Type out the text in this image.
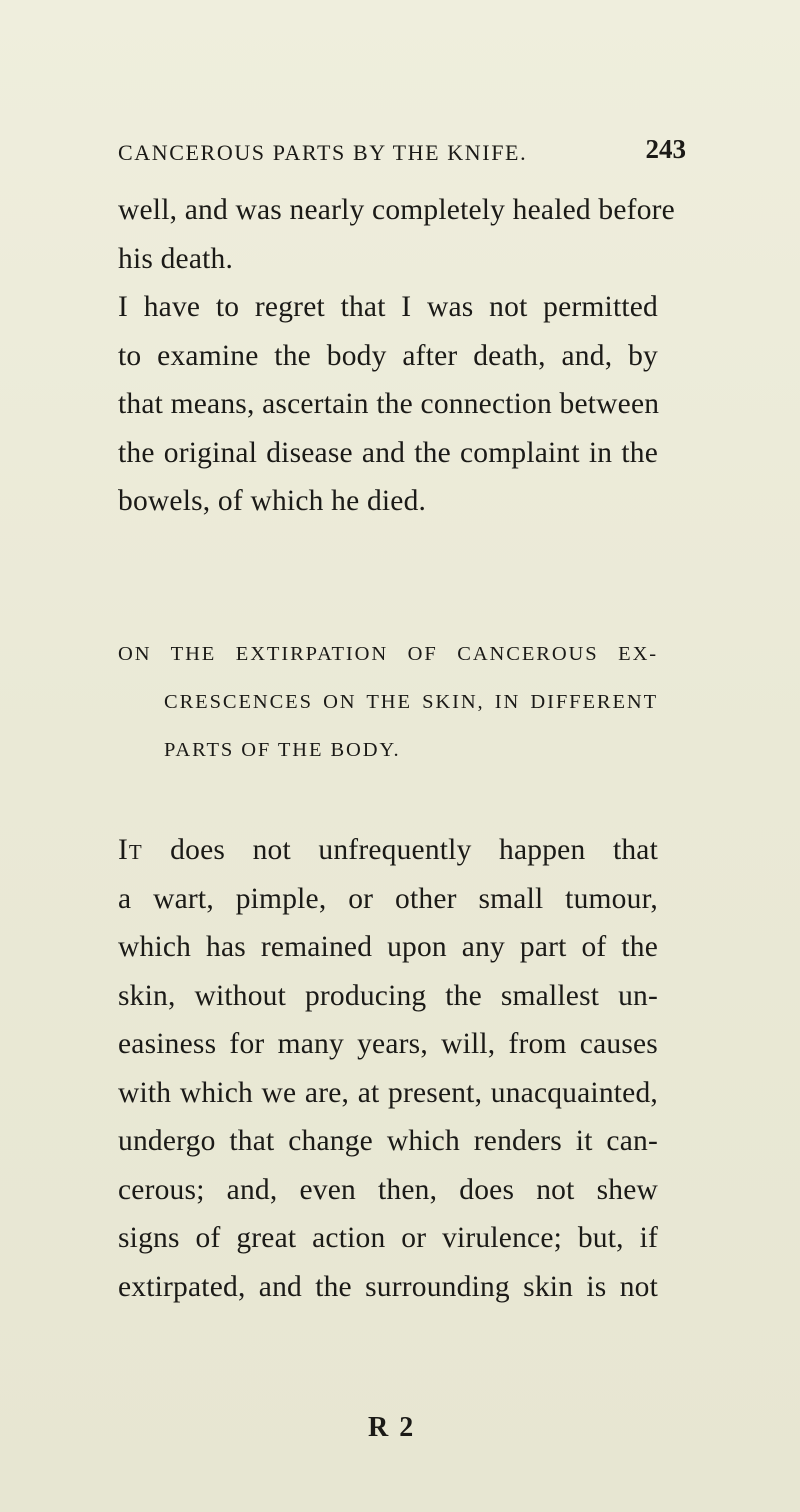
CANCEROUS PARTS BY THE KNIFE.	243
well, and was nearly completely healed before
his death.
I have to regret that I was not permitted
to examine the body after death, and, by
that means, ascertain the connection between
the original disease and the complaint in the
bowels, of which he died.
ON THE EXTIRPATION OF CANCEROUS EX-
CRESCENCES ON THE SKIN, IN DIFFERENT
PARTS OF THE BODY.
It does not unfrequently happen that
a wart, pimple, or other small tumour,
which has remained upon any part of the
skin, without producing the smallest un-
easiness for many years, will, from causes
with which we are, at present, unacquainted,
undergo that change which renders it can-
cerous; and, even then, does not shew
signs of great action or virulence; but, if
extirpated, and the surrounding skin is not
R 2
